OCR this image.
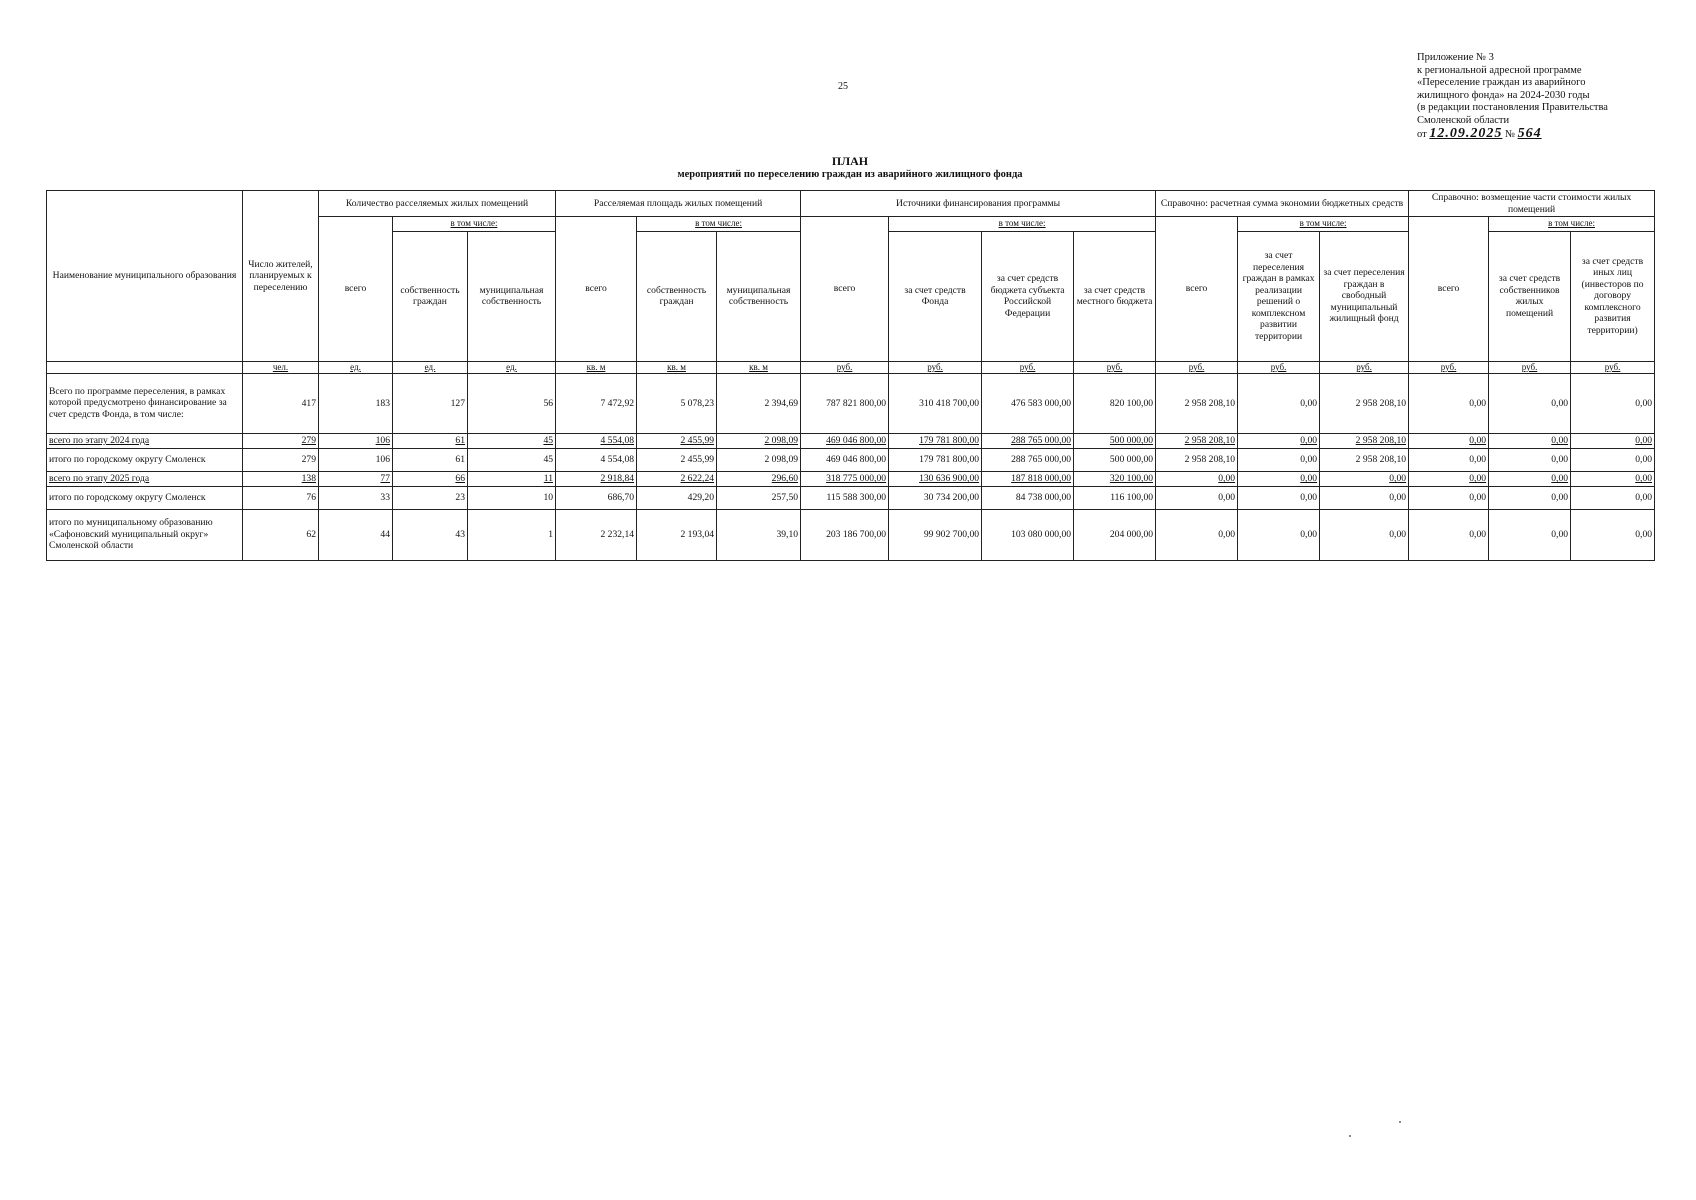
25
Приложение № 3
к региональной адресной программе
«Переселение граждан из аварийного
жилищного фонда» на 2024-2030 годы
(в редакции постановления Правительства
Смоленской области
от 12.09.2025 № 564
ПЛАН
мероприятий по переселению граждан из аварийного жилищного фонда
Наименование муниципального образования	Число жителей, планируемых к переселению	Количество расселяемых жилых помещений			Расселяемая площадь жилых помещений			Источники финансирования программы				Справочно: расчетная сумма экономии бюджетных средств			Справочно: возмещение части стоимости жилых помещений		
		всего	в том числе:		всего	в том числе:		всего	в том числе:			всего	в том числе:		всего	в том числе:	
			собственность граждан	муниципальная собственность		собственность граждан	муниципальная собственность		за счет средств Фонда	за счет средств бюджета субъекта Российской Федерации	за счет средств местного бюджета		за счет переселения граждан в рамках реализации решений о комплексном развитии территории	за счет переселения граждан в свободный муниципальный жилищный фонд		за счет средств собственников жилых помещений	за счет средств иных лиц (инвесторов по договору комплексного развития территории)
	чел.	ед.	ед.	ед.	кв. м	кв. м	кв. м	руб.	руб.	руб.	руб.	руб.	руб.	руб.	руб.	руб.	руб.
Всего по программе переселения, в рамках которой предусмотрено финансирование за счет средств Фонда, в том числе:	417	183	127	56	7 472,92	5 078,23	2 394,69	787 821 800,00	310 418 700,00	476 583 000,00	820 100,00	2 958 208,10	0,00	2 958 208,10	0,00	0,00	0,00
всего по этапу 2024 года	279	106	61	45	4 554,08	2 455,99	2 098,09	469 046 800,00	179 781 800,00	288 765 000,00	500 000,00	2 958 208,10	0,00	2 958 208,10	0,00	0,00	0,00
итого по городскому округу Смоленск	279	106	61	45	4 554,08	2 455,99	2 098,09	469 046 800,00	179 781 800,00	288 765 000,00	500 000,00	2 958 208,10	0,00	2 958 208,10	0,00	0,00	0,00
всего по этапу 2025 года	138	77	66	11	2 918,84	2 622,24	296,60	318 775 000,00	130 636 900,00	187 818 000,00	320 100,00	0,00	0,00	0,00	0,00	0,00	0,00
итого по городскому округу Смоленск	76	33	23	10	686,70	429,20	257,50	115 588 300,00	30 734 200,00	84 738 000,00	116 100,00	0,00	0,00	0,00	0,00	0,00	0,00
итого по муниципальному образованию «Сафоновский муниципальный округ» Смоленской области	62	44	43	1	2 232,14	2 193,04	39,10	203 186 700,00	99 902 700,00	103 080 000,00	204 000,00	0,00	0,00	0,00	0,00	0,00	0,00
